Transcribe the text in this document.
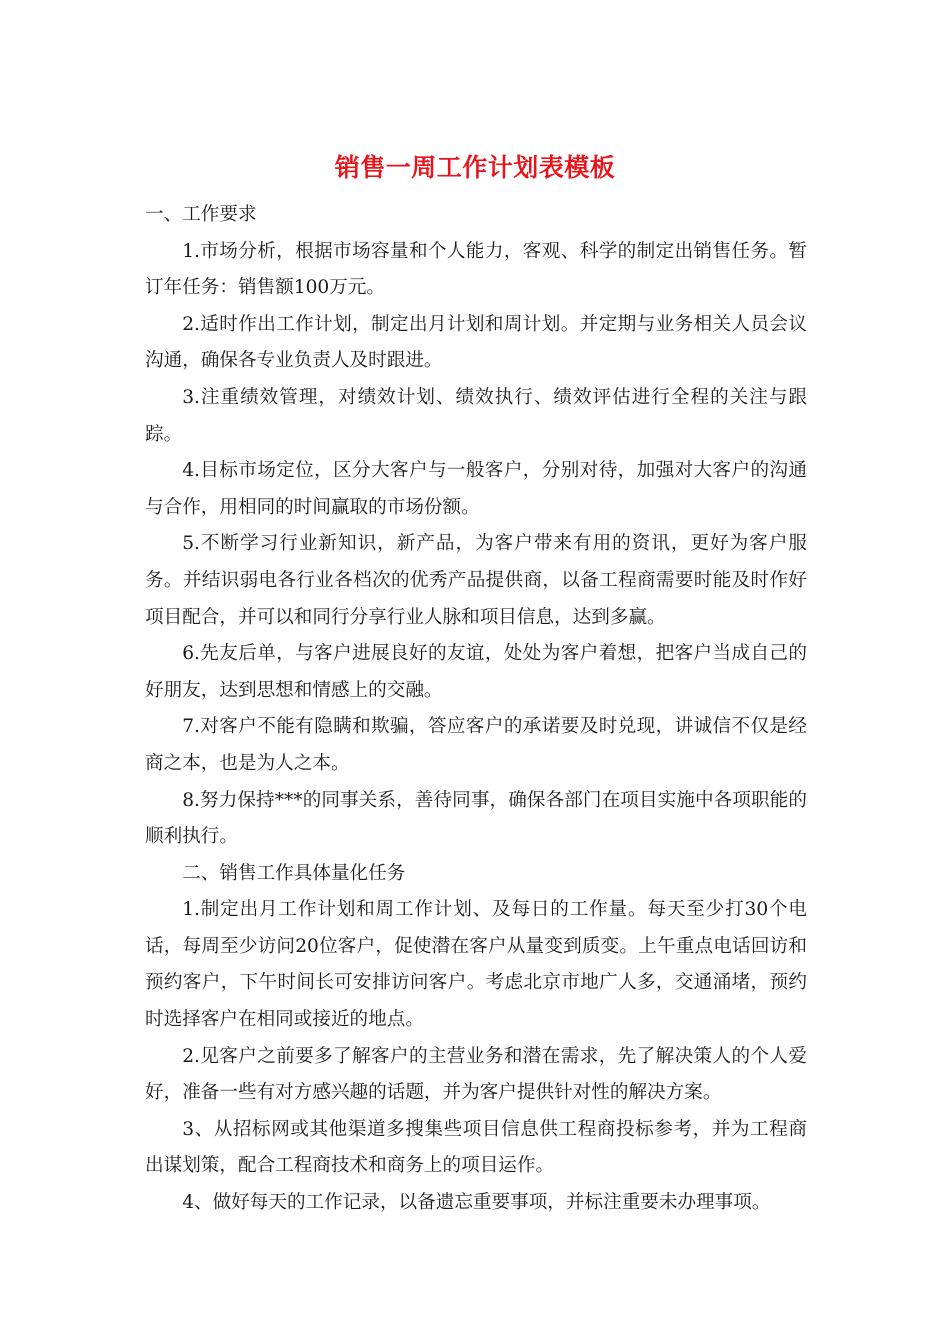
销售一周工作计划表模板

一、工作要求

1.市场分析，根据市场容量和个人能力，客观、科学的制定出销售任务。暂订年任务：销售额100万元。

2.适时作出工作计划，制定出月计划和周计划。并定期与业务相关人员会议沟通，确保各专业负责人及时跟进。

3.注重绩效管理，对绩效计划、绩效执行、绩效评估进行全程的关注与跟踪。

4.目标市场定位，区分大客户与一般客户，分别对待，加强对大客户的沟通与合作，用相同的时间赢取的市场份额。

5.不断学习行业新知识，新产品，为客户带来有用的资讯，更好为客户服务。并结识弱电各行业各档次的优秀产品提供商，以备工程商需要时能及时作好项目配合，并可以和同行分享行业人脉和项目信息，达到多赢。

6.先友后单，与客户进展良好的友谊，处处为客户着想，把客户当成自己的好朋友，达到思想和情感上的交融。

7.对客户不能有隐瞒和欺骗，答应客户的承诺要及时兑现，讲诚信不仅是经商之本，也是为人之本。

8.努力保持***的同事关系，善待同事，确保各部门在项目实施中各项职能的顺利执行。

二、销售工作具体量化任务

1.制定出月工作计划和周工作计划、及每日的工作量。每天至少打30个电话，每周至少访问20位客户，促使潜在客户从量变到质变。上午重点电话回访和预约客户，下午时间长可安排访问客户。考虑北京市地广人多，交通涌堵，预约时选择客户在相同或接近的地点。

2.见客户之前要多了解客户的主营业务和潜在需求，先了解决策人的个人爱好，准备一些有对方感兴趣的话题，并为客户提供针对性的解决方案。

3、从招标网或其他渠道多搜集些项目信息供工程商投标参考，并为工程商出谋划策，配合工程商技术和商务上的项目运作。

4、做好每天的工作记录，以备遗忘重要事项，并标注重要未办理事项。
